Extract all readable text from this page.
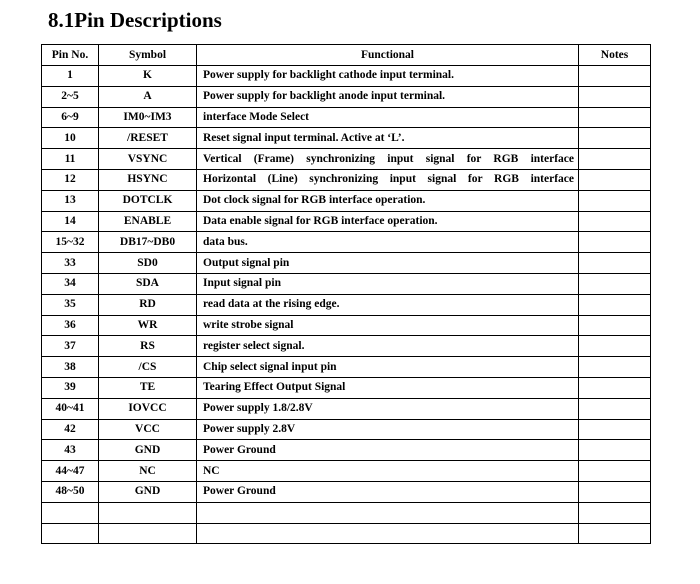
8.1Pin Descriptions
Pin No.	Symbol	Functional	Notes
1	K	Power supply for backlight cathode input terminal.	
2~5	A	Power supply for backlight anode input terminal.	
6~9	IM0~IM3	interface Mode Select	
10	/RESET	Reset signal input terminal. Active at ‘L’.	
11	VSYNC	Vertical (Frame) synchronizing input signal for RGB interface	
12	HSYNC	Horizontal (Line) synchronizing input signal for RGB interface	
13	DOTCLK	Dot clock signal for RGB interface operation.	
14	ENABLE	Data enable signal for RGB interface operation.	
15~32	DB17~DB0	data bus.	
33	SD0	Output signal pin	
34	SDA	Input signal pin	
35	RD	read data at the rising edge.	
36	WR	write strobe signal	
37	RS	register select signal.	
38	/CS	Chip select signal input pin	
39	TE	Tearing Effect Output Signal	
40~41	IOVCC	Power supply 1.8/2.8V	
42	VCC	Power supply 2.8V	
43	GND	Power Ground	
44~47	NC	NC	
48~50	GND	Power Ground	
